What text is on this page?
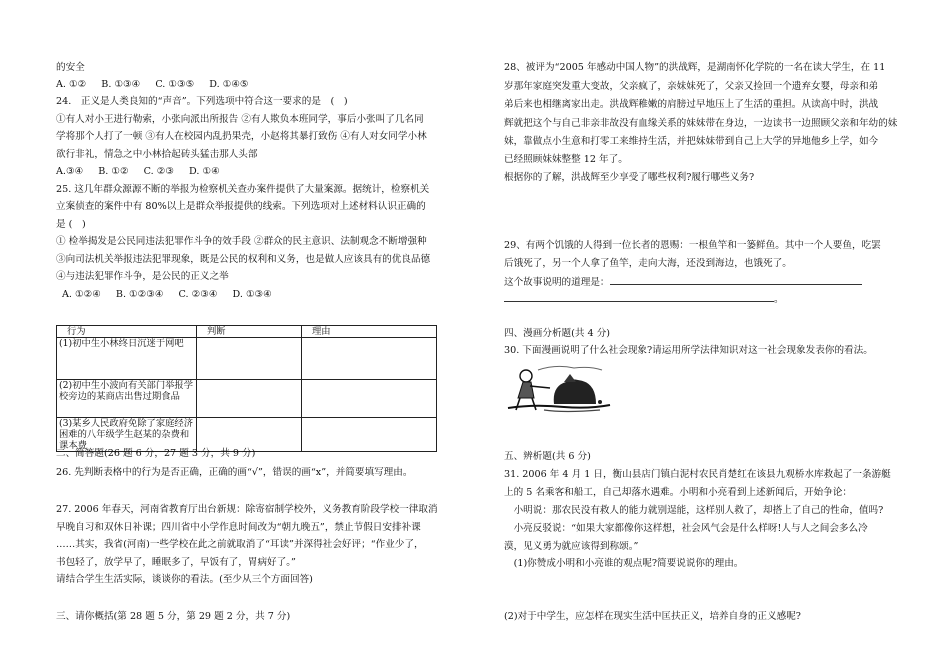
的安全
A. ①② B. ①③④ C. ①③⑤ D. ①④⑤
24.　正义是人类良知的“声音”。下列选项中符合这一要求的是　(　)
①有人对小王进行勒索，小张向派出所报告 ②有人欺负本班同学，事后小张叫了几名同
学将那个人打了一顿 ③有人在校园内乱扔果壳，小赵将其暴打致伤 ④有人对女同学小林
欲行非礼，情急之中小林拾起砖头猛击那人头部
A.③④ B. ①② C. ②③ D. ①④
25. 这几年群众源源不断的举报为检察机关查办案件提供了大量案源。据统计，检察机关
立案侦查的案件中有 80%以上是群众举报提供的线索。下列选项对上述材料认识正确的
是 (　)
① 检举揭发是公民同违法犯罪作斗争的效手段 ②群众的民主意识、法制观念不断增强种
③向司法机关举报违法犯罪现象，既是公民的权利和义务，也是做人应该具有的优良品德
④与违法犯罪作斗争，是公民的正义之举
A. ①②④ B. ①②③④ C. ②③④ D. ①③④
行为	判断	理由
(1)初中生小林终日沉迷于网吧		
(2)初中生小波向有关部门举报学校旁边的某商店出售过期食品		
(3)某乡人民政府免除了家庭经济困难的八年级学生赵某的杂费和课本费		
二、简答题(26 题 6 分，27 题 3 分，共 9 分)
26. 先判断表格中的行为是否正确，正确的画“√”，错误的画“x”，并简要填写理由。
27. 2006 年春天，河南省教育厅出台新规：除寄宿制学校外，义务教育阶段学校一律取消
早晚自习和双休日补课；四川省中小学作息时间改为“朝九晚五”，禁止节假日安排补课
……其实，我省(河南)一些学校在此之前就取消了“耳读”并深得社会好评；“作业少了，
书包轻了，放学早了，睡眠多了，早饭有了，胃病好了。”
请结合学生生活实际，谈谈你的看法。(至少从三个方面回答)
三、请你概括(第 28 题 5 分，第 29 题 2 分，共 7 分)
28、被评为“2005 年感动中国人物”的洪战辉，是湖南怀化学院的一名在读大学生，在 11
岁那年家庭突发重大变故，父亲疯了，亲妹妹死了，父亲又捡回一个遗弃女婴，母亲和弟
弟后来也相继离家出走。洪战辉稚嫩的肩膀过早地压上了生活的重担。从读高中时，洪战
辉就把这个与自己非亲非故没有血缘关系的妹妹带在身边，一边读书一边照顾父亲和年幼的妹
妹，靠做点小生意和打零工来维持生活，并把妹妹带到自己上大学的异地他乡上学，如今
已经照顾妹妹整整 12 年了。
根据你的了解，洪战辉至少享受了哪些权利?履行哪些义务?
29、有两个饥饿的人得到一位长者的恩赐：一根鱼竿和一篓鲜鱼。其中一个人要鱼，吃罢
后饿死了，另一个人拿了鱼竿，走向大海，还没到海边，也饿死了。
这个故事说明的道理是：
。
四、漫画分析题(共 4 分)
30. 下面漫画说明了什么社会现象?请运用所学法律知识对这一社会现象发表你的看法。
五、辨析题(共 6 分)
31. 2006 年 4 月 1 日，衡山县店门镇白泥村农民肖楚红在该县九观桥水库救起了一条游艇
上的 5 名乘客和船工，自己却落水遇难。小明和小亮看到上述新闻后，开始争论：
　小明说：那农民没有救人的能力就别逞能，这样别人救了，却搭上了自己的性命，值吗?
　小亮反驳说：“如果大家都像你这样想，社会风气会是什么样呀!人与人之间会多么冷
漠，见义勇为就应该得到称颂。”
　(1)你赞成小明和小亮谁的观点呢?简要说说你的理由。
(2)对于中学生，应怎样在现实生活中匡扶正义，培养自身的正义感呢?
